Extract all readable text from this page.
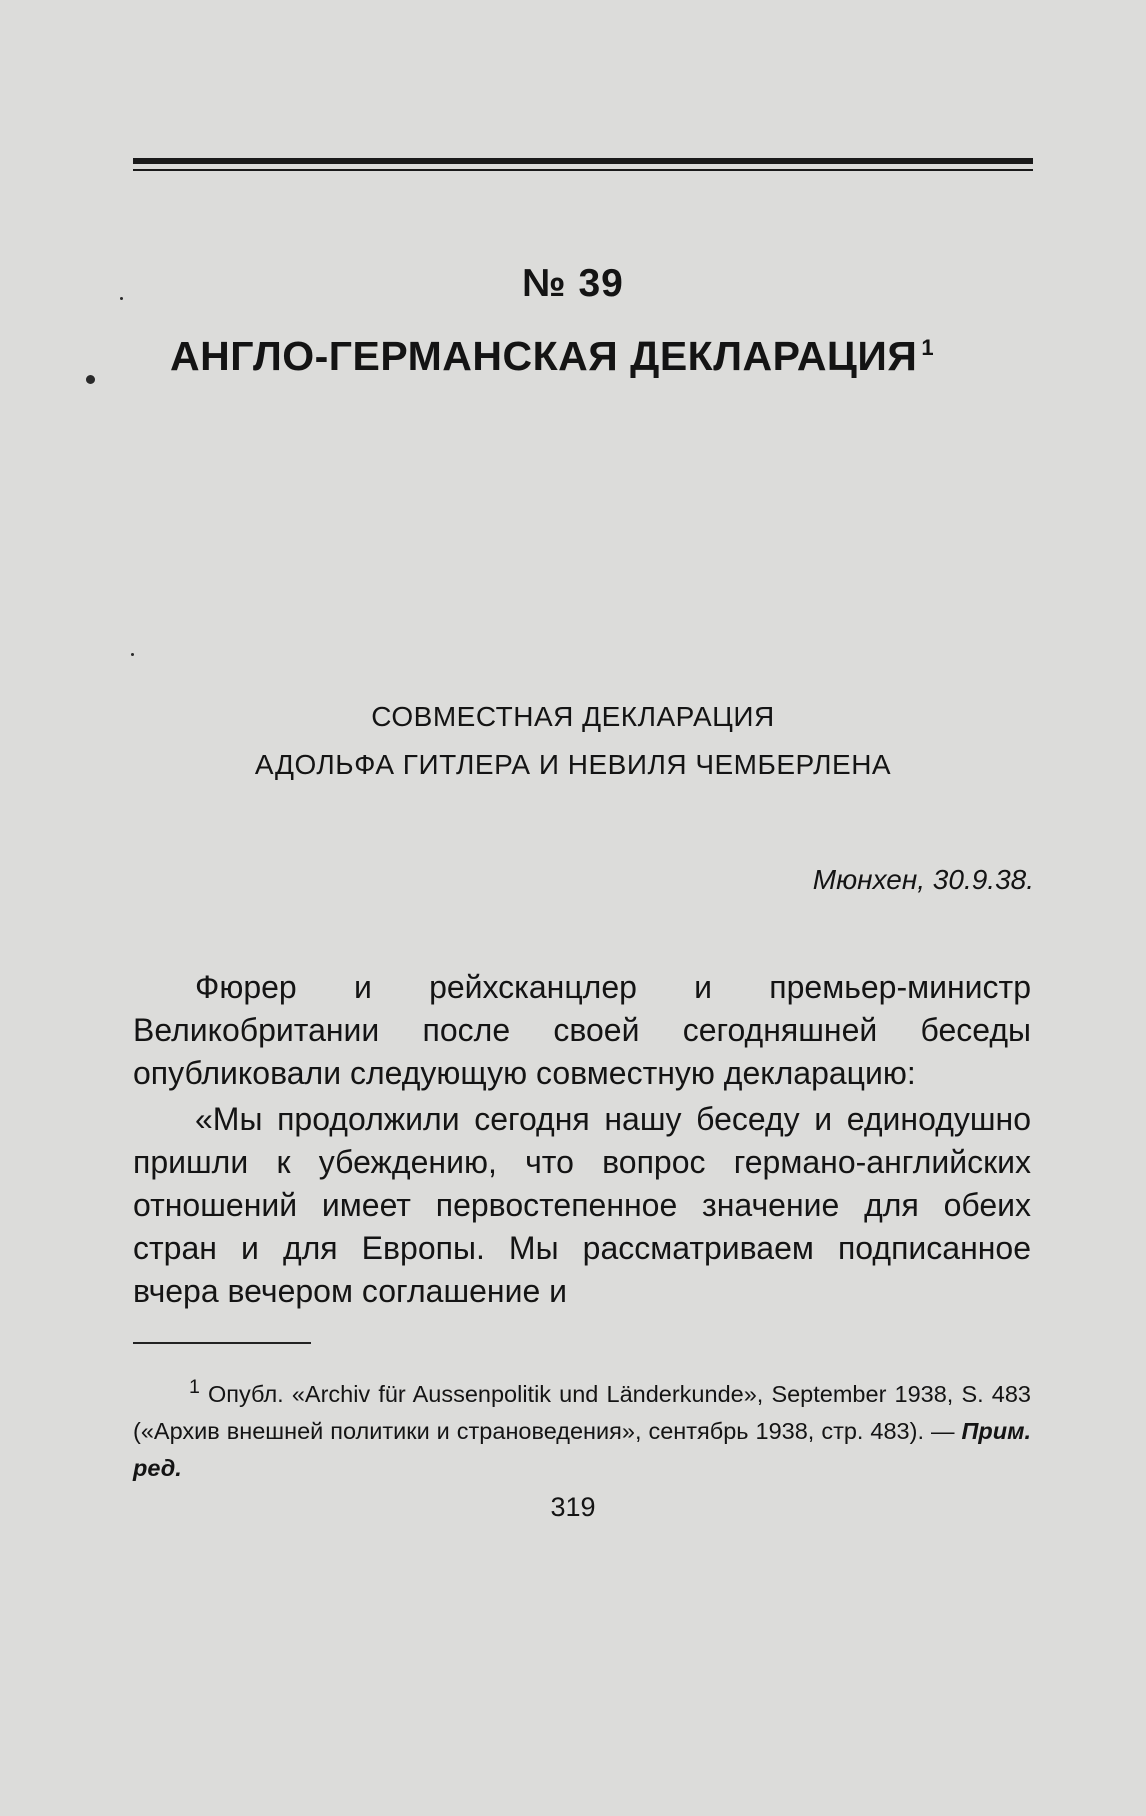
№ 39
АНГЛО-ГЕРМАНСКАЯ ДЕКЛАРАЦИЯ $^1$
СОВМЕСТНАЯ ДЕКЛАРАЦИЯ
АДОЛЬФА ГИТЛЕРА И НЕВИЛЯ ЧЕМБЕРЛЕНА
Мюнхен, 30.9.38.

Фюрер и рейхсканцлер и премьер-министр Великобритании после своей сегодняшней беседы опубликовали следующую совместную декларацию:

«Мы продолжили сегодня нашу беседу и единодушно пришли к убеждению, что вопрос германо-английских отношений имеет первостепенное значение для обеих стран и для Европы. Мы рассматриваем подписанное вчера вечером соглашение и

$^1$ Опубл. «Archiv für Aussenpolitik und Länderkunde», September 1938, S. 483 («Архив внешней политики и страноведения», сентябрь 1938, стр. 483). — Прим. ред.
319
